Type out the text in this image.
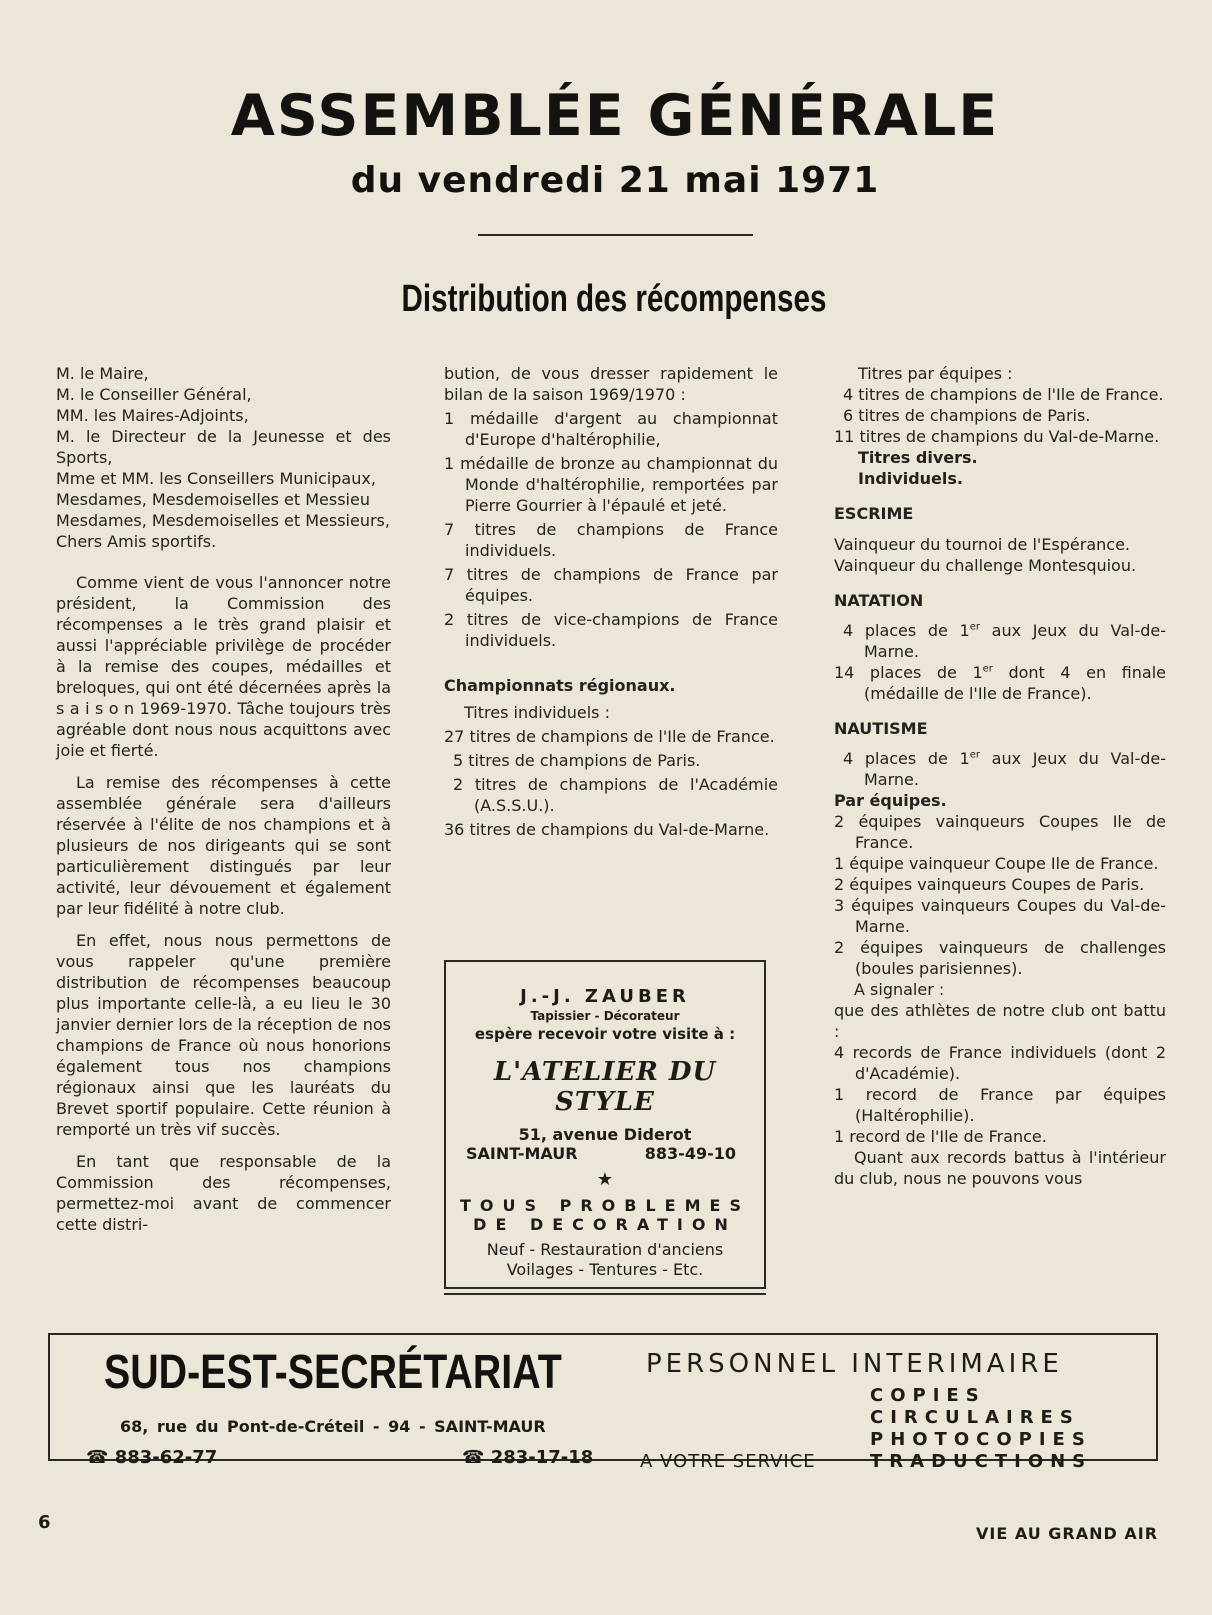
ASSEMBLÉE GÉNÉRALE
du vendredi 21 mai 1971
Distribution des récompenses

M. le Maire,

M. le Conseiller Général,

MM. les Maires-Adjoints,

M. le Directeur de la Jeunesse et des Sports,

Mme et MM. les Conseillers Municipaux,

Mesdames, Mesdemoiselles et Messieu

Mesdames, Mesdemoiselles et Messieurs,

Chers Amis sportifs.

Comme vient de vous l'annoncer notre président, la Commission des récompenses a le très grand plaisir et aussi l'appréciable privilège de procéder à la remise des coupes, médailles et breloques, qui ont été décernées après la s a i s o n 1969-1970. Tâche toujours très agréable dont nous nous acquittons avec joie et fierté.

La remise des récompenses à cette assemblée générale sera d'ailleurs réservée à l'élite de nos champions et à plusieurs de nos dirigeants qui se sont particulièrement distingués par leur activité, leur dévouement et également par leur fidélité à notre club.

En effet, nous nous permettons de vous rappeler qu'une première distribution de récompenses beaucoup plus importante celle-là, a eu lieu le 30 janvier dernier lors de la réception de nos champions de France où nous honorions également tous nos champions régionaux ainsi que les lauréats du Brevet sportif populaire. Cette réunion à remporté un très vif succès.

En tant que responsable de la Commission des récompenses, permettez-moi avant de commencer cette distri-

bution, de vous dresser rapidement le bilan de la saison 1969/1970 :

1 médaille d'argent au championnat d'Europe d'haltérophilie,

1 médaille de bronze au championnat du Monde d'haltérophilie, remportées par Pierre Gourrier à l'épaulé et jeté.

7 titres de champions de France individuels.

7 titres de champions de France par équipes.

2 titres de vice-champions de France individuels.

Championnats régionaux.

Titres individuels :

27 titres de champions de l'Ile de France.

5 titres de champions de Paris.

2 titres de champions de l'Académie (A.S.S.U.).

36 titres de champions du Val-de-Marne.

Titres par équipes :

4 titres de champions de l'Ile de France.

6 titres de champions de Paris.

11 titres de champions du Val-de-Marne.

Titres divers.

Individuels.

ESCRIME

Vainqueur du tournoi de l'Espérance.

Vainqueur du challenge Montesquiou.

NATATION

4 places de 1er aux Jeux du Val-de-Marne.

14 places de 1er dont 4 en finale (médaille de l'Ile de France).

NAUTISME

4 places de 1er aux Jeux du Val-de-Marne.

Par équipes.

2 équipes vainqueurs Coupes Ile de France.

1 équipe vainqueur Coupe Ile de France.

2 équipes vainqueurs Coupes de Paris.

3 équipes vainqueurs Coupes du Val-de-Marne.

2 équipes vainqueurs de challenges (boules parisiennes).

A signaler :

que des athlètes de notre club ont battu :

4 records de France individuels (dont 2 d'Académie).

1 record de France par équipes (Haltérophilie).

1 record de l'Ile de France.

Quant aux records battus à l'intérieur du club, nous ne pouvons vous

J.-J. ZAUBER
Tapissier - Décorateur
espère recevoir votre visite à :
L'ATELIER DU STYLE
51, avenue Diderot
SAINT-MAUR	883-49-10
★
TOUS PROBLEMES
DE DECORATION
Neuf - Restauration d'anciens
Voilages - Tentures - Etc.
SUD-EST-SECRÉTARIAT
68, rue du Pont-de-Créteil - 94 - SAINT-MAUR
☎ 883-62-77	☎ 283-17-18
PERSONNEL INTERIMAIRE
COPIES
CIRCULAIRES
PHOTOCOPIES
TRADUCTIONS
A VOTRE SERVICE
6
VIE AU GRAND AIR
